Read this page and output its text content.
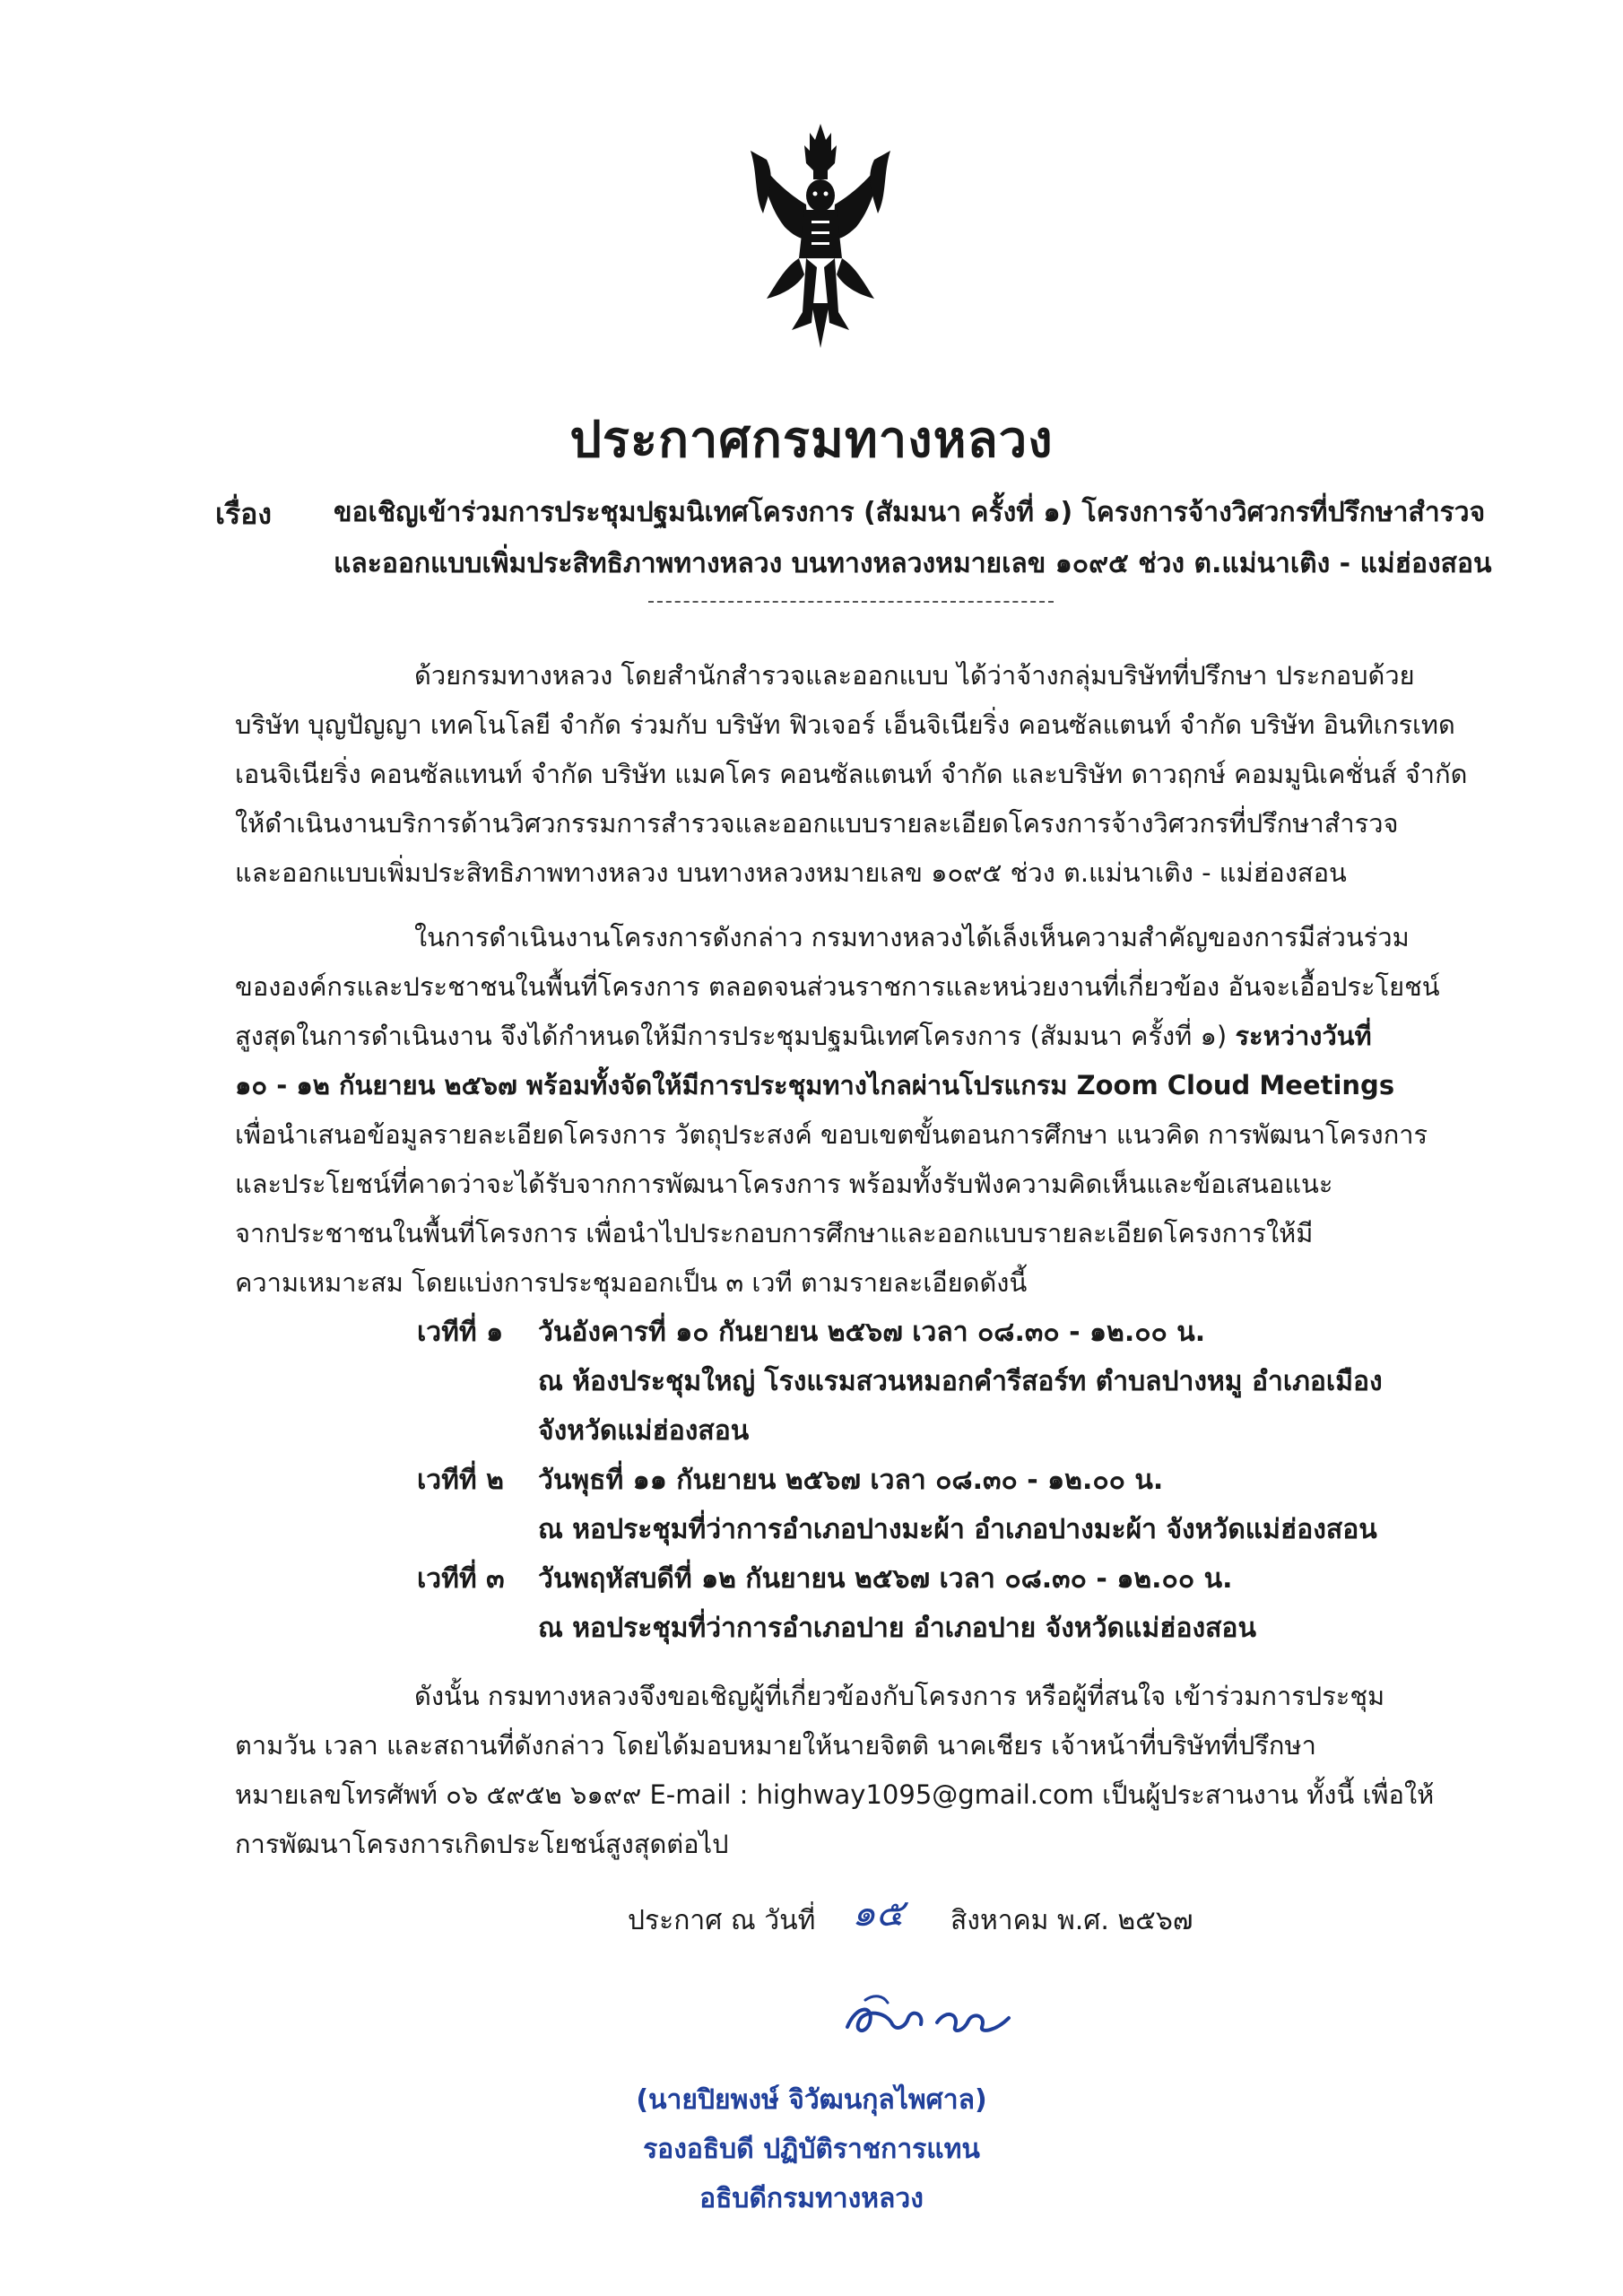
ประกาศกรมทางหลวง
เรื่อง ขอเชิญเข้าร่วมการประชุมปฐมนิเทศโครงการ (สัมมนา ครั้งที่ ๑) โครงการจ้างวิศวกรที่ปรึกษาสำรวจ
และออกแบบเพิ่มประสิทธิภาพทางหลวง บนทางหลวงหมายเลข ๑๐๙๕ ช่วง ต.แม่นาเติง - แม่ฮ่องสอน
ด้วยกรมทางหลวง โดยสำนักสำรวจและออกแบบ ได้ว่าจ้างกลุ่มบริษัทที่ปรึกษา ประกอบด้วย
บริษัท บุญปัญญา เทคโนโลยี จำกัด ร่วมกับ บริษัท ฟิวเจอร์ เอ็นจิเนียริ่ง คอนซัลแตนท์ จำกัด บริษัท อินทิเกรเทด
เอนจิเนียริ่ง คอนซัลแทนท์ จำกัด บริษัท แมคโคร คอนซัลแตนท์ จำกัด และบริษัท ดาวฤกษ์ คอมมูนิเคชั่นส์ จำกัด
ให้ดำเนินงานบริการด้านวิศวกรรมการสำรวจและออกแบบรายละเอียดโครงการจ้างวิศวกรที่ปรึกษาสำรวจ
และออกแบบเพิ่มประสิทธิภาพทางหลวง บนทางหลวงหมายเลข ๑๐๙๕ ช่วง ต.แม่นาเติง - แม่ฮ่องสอน
ในการดำเนินงานโครงการดังกล่าว กรมทางหลวงได้เล็งเห็นความสำคัญของการมีส่วนร่วม
ขององค์กรและประชาชนในพื้นที่โครงการ ตลอดจนส่วนราชการและหน่วยงานที่เกี่ยวข้อง อันจะเอื้อประโยชน์
สูงสุดในการดำเนินงาน จึงได้กำหนดให้มีการประชุมปฐมนิเทศโครงการ (สัมมนา ครั้งที่ ๑) ระหว่างวันที่
๑๐ - ๑๒ กันยายน ๒๕๖๗ พร้อมทั้งจัดให้มีการประชุมทางไกลผ่านโปรแกรม Zoom Cloud Meetings
เพื่อนำเสนอข้อมูลรายละเอียดโครงการ วัตถุประสงค์ ขอบเขตขั้นตอนการศึกษา แนวคิด การพัฒนาโครงการ
และประโยชน์ที่คาดว่าจะได้รับจากการพัฒนาโครงการ พร้อมทั้งรับฟังความคิดเห็นและข้อเสนอแนะ
จากประชาชนในพื้นที่โครงการ เพื่อนำไปประกอบการศึกษาและออกแบบรายละเอียดโครงการให้มี
ความเหมาะสม โดยแบ่งการประชุมออกเป็น ๓ เวที ตามรายละเอียดดังนี้
เวทีที่ ๑ วันอังคารที่ ๑๐ กันยายน ๒๕๖๗ เวลา ๐๘.๓๐ - ๑๒.๐๐ น.
ณ ห้องประชุมใหญ่ โรงแรมสวนหมอกคำรีสอร์ท ตำบลปางหมู อำเภอเมือง
จังหวัดแม่ฮ่องสอน
เวทีที่ ๒ วันพุธที่ ๑๑ กันยายน ๒๕๖๗ เวลา ๐๘.๓๐ - ๑๒.๐๐ น.
ณ หอประชุมที่ว่าการอำเภอปางมะผ้า อำเภอปางมะผ้า จังหวัดแม่ฮ่องสอน
เวทีที่ ๓ วันพฤหัสบดีที่ ๑๒ กันยายน ๒๕๖๗ เวลา ๐๘.๓๐ - ๑๒.๐๐ น.
ณ หอประชุมที่ว่าการอำเภอปาย อำเภอปาย จังหวัดแม่ฮ่องสอน
ดังนั้น กรมทางหลวงจึงขอเชิญผู้ที่เกี่ยวข้องกับโครงการ หรือผู้ที่สนใจ เข้าร่วมการประชุม
ตามวัน เวลา และสถานที่ดังกล่าว โดยได้มอบหมายให้นายจิตติ นาคเชียร เจ้าหน้าที่บริษัทที่ปรึกษา
หมายเลขโทรศัพท์ ๐๖ ๕๙๕๒ ๖๑๙๙ E-mail : highway1095@gmail.com เป็นผู้ประสานงาน ทั้งนี้ เพื่อให้
การพัฒนาโครงการเกิดประโยชน์สูงสุดต่อไป
ประกาศ ณ วันที่ ๑๕ สิงหาคม พ.ศ. ๒๕๖๗
(นายปิยพงษ์ จิวัฒนกุลไพศาล)
รองอธิบดี ปฏิบัติราชการแทน
อธิบดีกรมทางหลวง
